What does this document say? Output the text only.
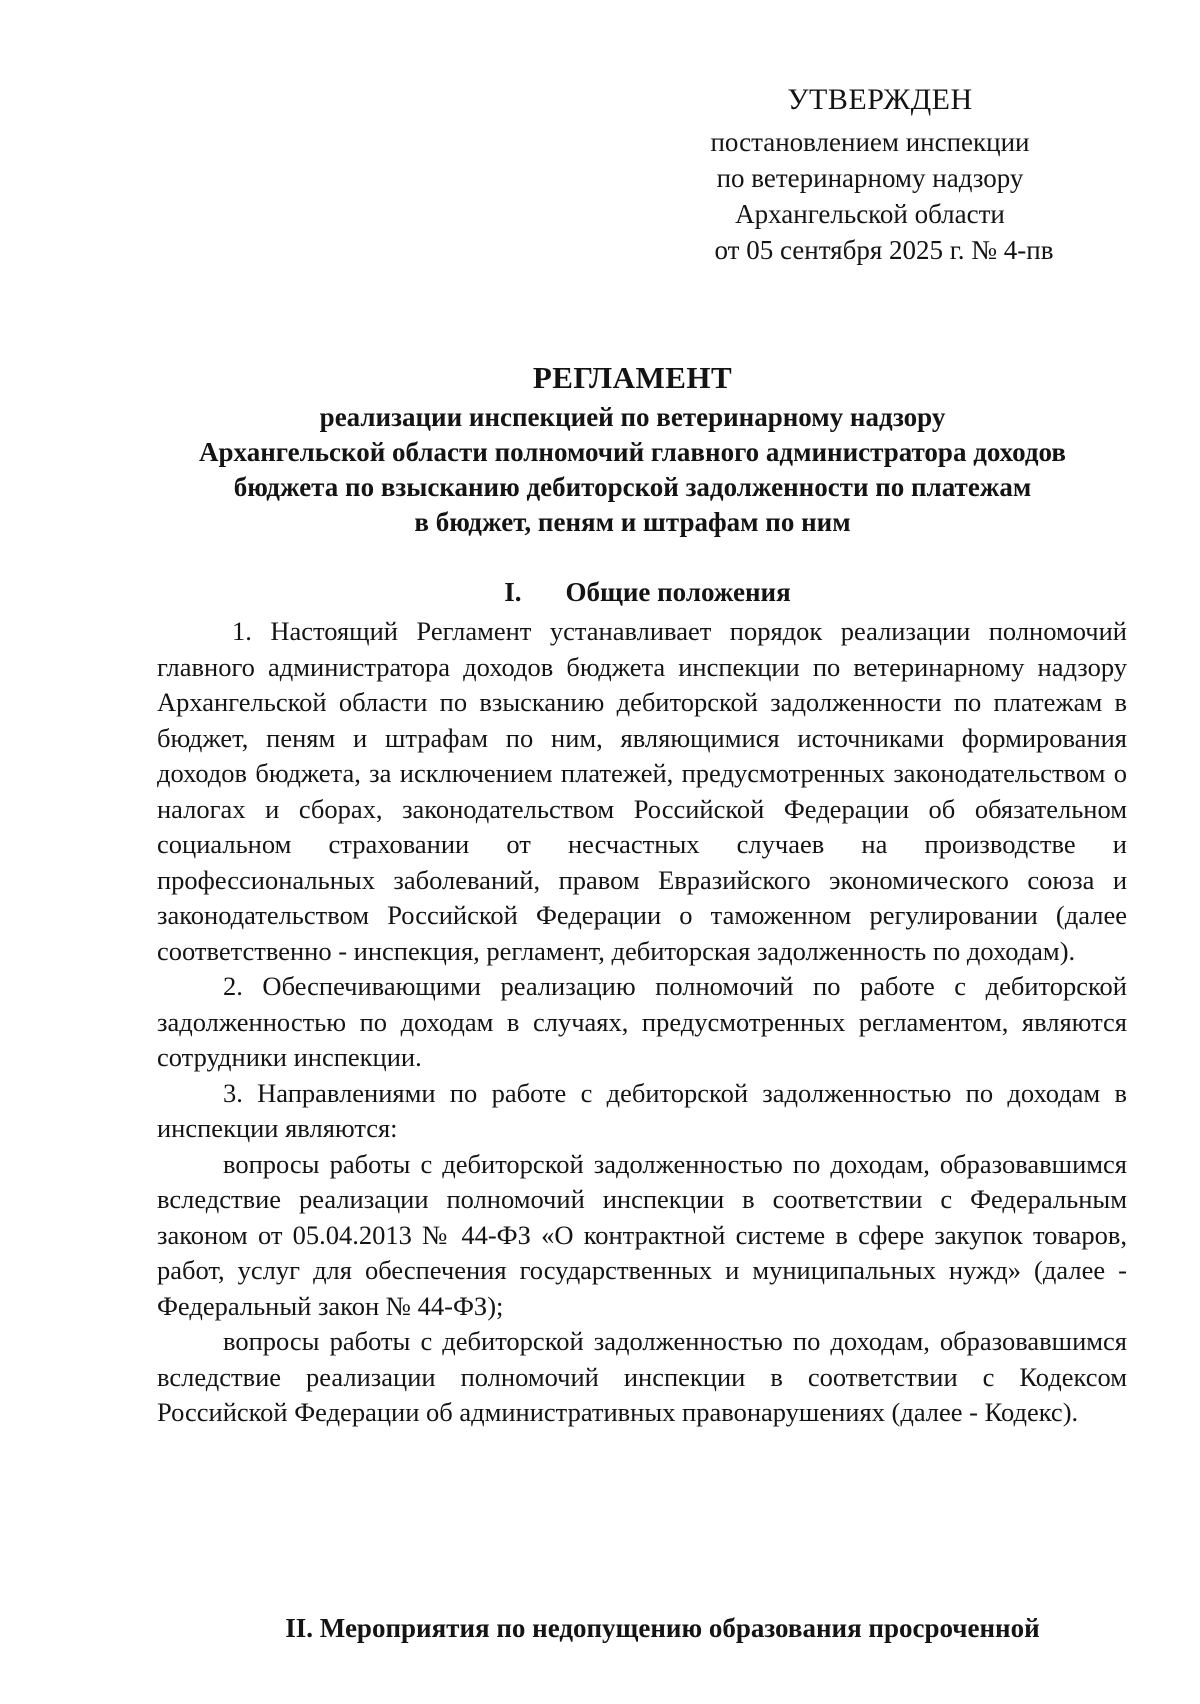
УТВЕРЖДЕН
постановлением инспекции
по ветеринарному надзору
Архангельской области
от 05 сентября 2025 г. № 4-пв
РЕГЛАМЕНТ
реализации инспекцией по ветеринарному надзору
Архангельской области полномочий главного администратора доходов
бюджета по взысканию дебиторской задолженности по платежам
в бюджет, пеням и штрафам по ним
I. Общие положения

1. Настоящий Регламент устанавливает порядок реализации полномочий главного администратора доходов бюджета инспекции по ветеринарному надзору Архангельской области по взысканию дебиторской задолженности по платежам в бюджет, пеням и штрафам по ним, являющимися источниками формирования доходов бюджета, за исключением платежей, предусмотренных законодательством о налогах и сборах, законодательством Российской Федерации об обязательном социальном страховании от несчастных случаев на производстве и профессиональных заболеваний, правом Евразийского экономического союза и законодательством Российской Федерации о таможенном регулировании (далее соответственно - инспекция, регламент, дебиторская задолженность по доходам).

2. Обеспечивающими реализацию полномочий по работе с дебиторской задолженностью по доходам в случаях, предусмотренных регламентом, являются сотрудники инспекции.

3. Направлениями по работе с дебиторской задолженностью по доходам в инспекции являются:

вопросы работы с дебиторской задолженностью по доходам, образовавшимся вследствие реализации полномочий инспекции в соответствии с Федеральным законом от 05.04.2013 № 44-ФЗ «О контрактной системе в сфере закупок товаров, работ, услуг для обеспечения государственных и муниципальных нужд» (далее - Федеральный закон № 44-ФЗ);

вопросы работы с дебиторской задолженностью по доходам, образовавшимся вследствие реализации полномочий инспекции в соответствии с Кодексом Российской Федерации об административных правонарушениях (далее - Кодекс).

II. Мероприятия по недопущению образования просроченной
